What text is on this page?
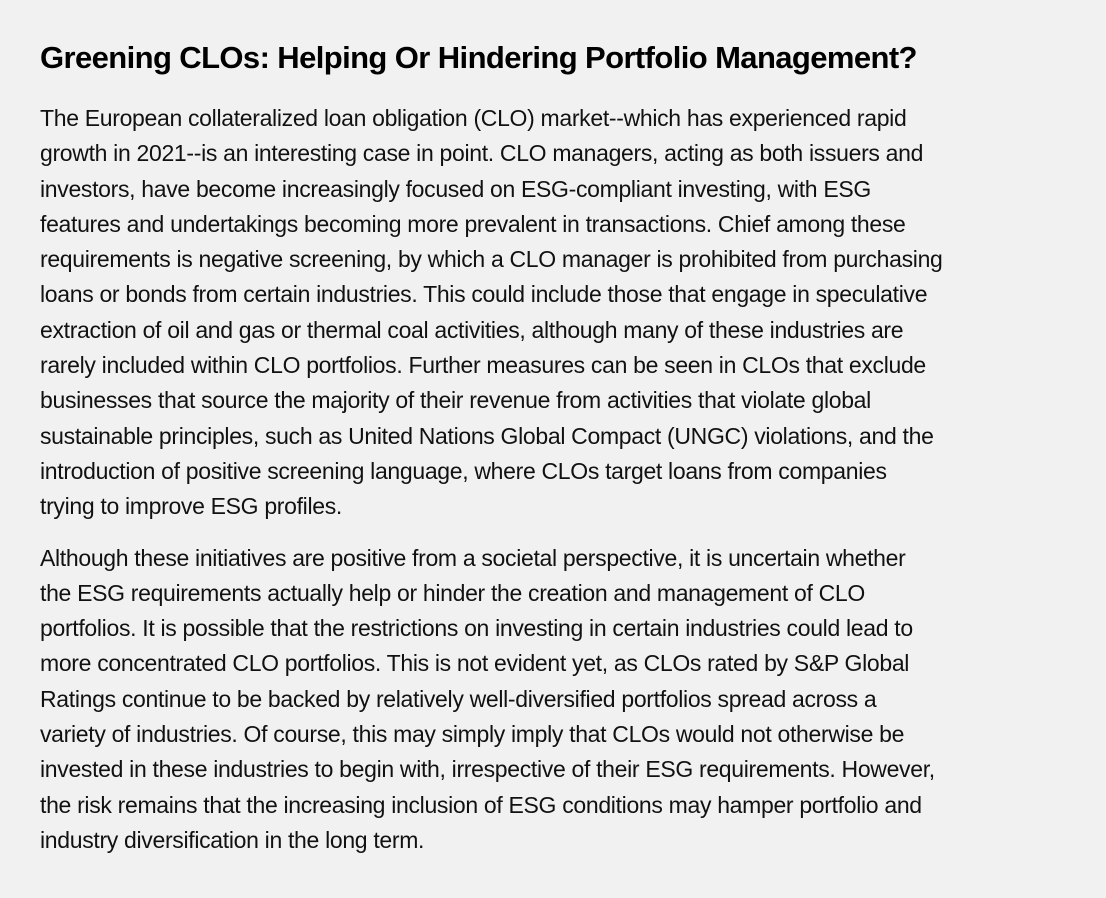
Greening CLOs: Helping Or Hindering Portfolio Management?

The European collateralized loan obligation (CLO) market--which has experienced rapid
growth in 2021--is an interesting case in point. CLO managers, acting as both issuers and
investors, have become increasingly focused on ESG-compliant investing, with ESG
features and undertakings becoming more prevalent in transactions. Chief among these
requirements is negative screening, by which a CLO manager is prohibited from purchasing
loans or bonds from certain industries. This could include those that engage in speculative
extraction of oil and gas or thermal coal activities, although many of these industries are
rarely included within CLO portfolios. Further measures can be seen in CLOs that exclude
businesses that source the majority of their revenue from activities that violate global
sustainable principles, such as United Nations Global Compact (UNGC) violations, and the
introduction of positive screening language, where CLOs target loans from companies
trying to improve ESG profiles.

Although these initiatives are positive from a societal perspective, it is uncertain whether
the ESG requirements actually help or hinder the creation and management of CLO
portfolios. It is possible that the restrictions on investing in certain industries could lead to
more concentrated CLO portfolios. This is not evident yet, as CLOs rated by S&P Global
Ratings continue to be backed by relatively well-diversified portfolios spread across a
variety of industries. Of course, this may simply imply that CLOs would not otherwise be
invested in these industries to begin with, irrespective of their ESG requirements. However,
the risk remains that the increasing inclusion of ESG conditions may hamper portfolio and
industry diversification in the long term.
